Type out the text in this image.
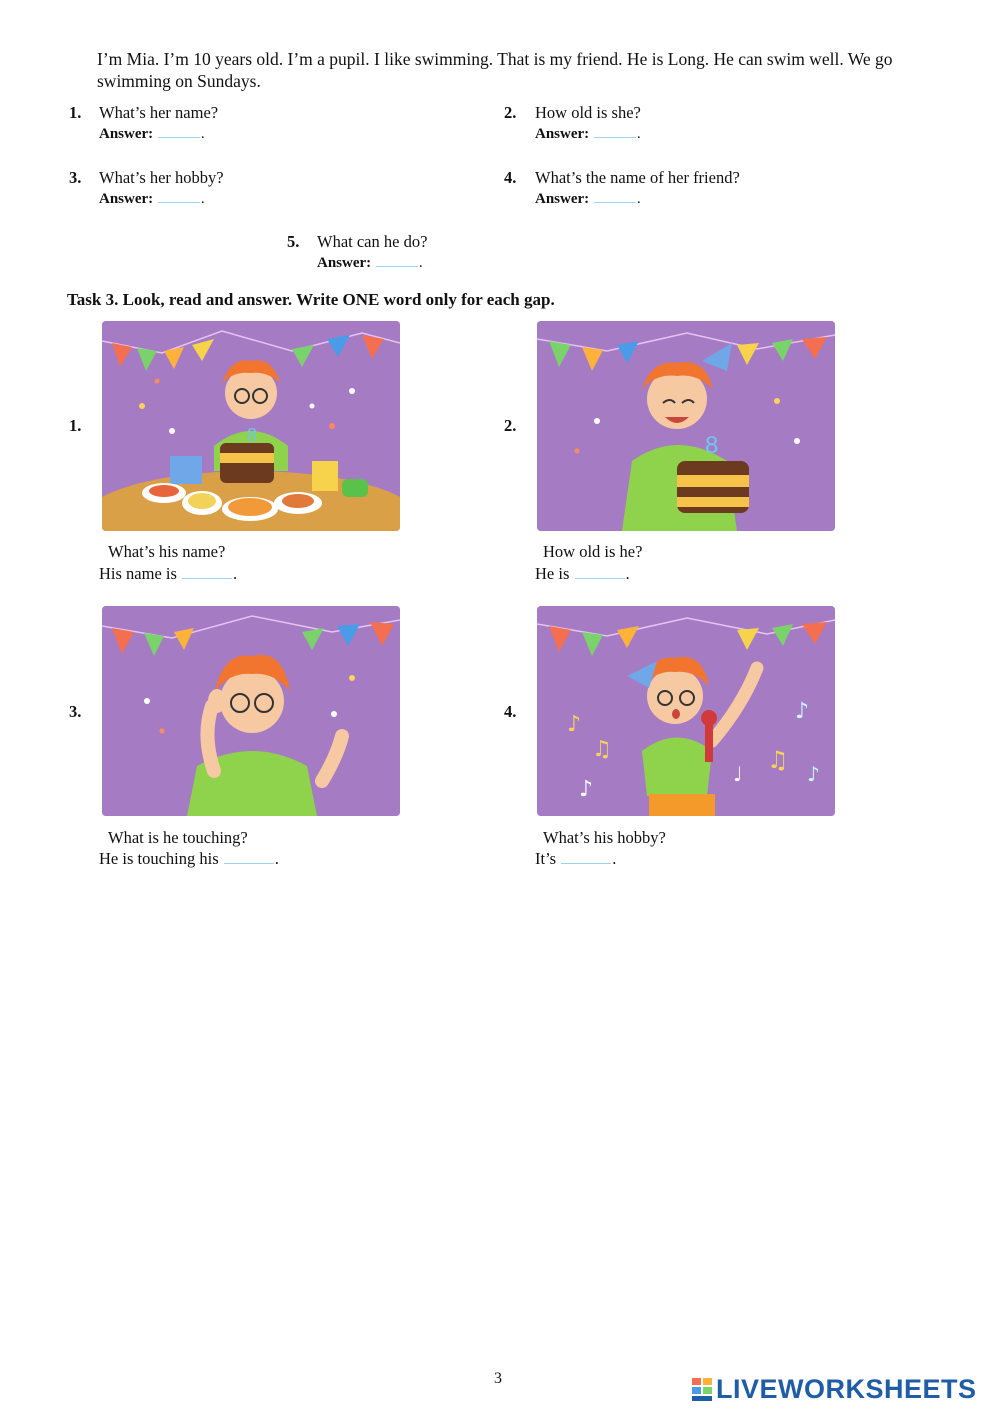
I’m Mia. I’m 10 years old. I’m a pupil. I like swimming. That is my friend. He is Long. He can swim well. We go swimming on Sundays.
1. What’s her name?
Answer:	.
2. How old is she?
Answer:	.
3. What’s her hobby?
Answer:	.
4. What’s the name of her friend?
Answer:	.
5. What can he do?
Answer:	.
Task 3. Look, read and answer. Write ONE word only for each gap.
1.	8
What’s his name?
His name is	.
2.
8
How old is he?
He is	.
3.
What is he touching?
He is touching his	.
4.
♪
♫
♪
♫
♪
♪
♩
What’s his hobby?
It’s	.
3	LIVEWORKSHEETS
